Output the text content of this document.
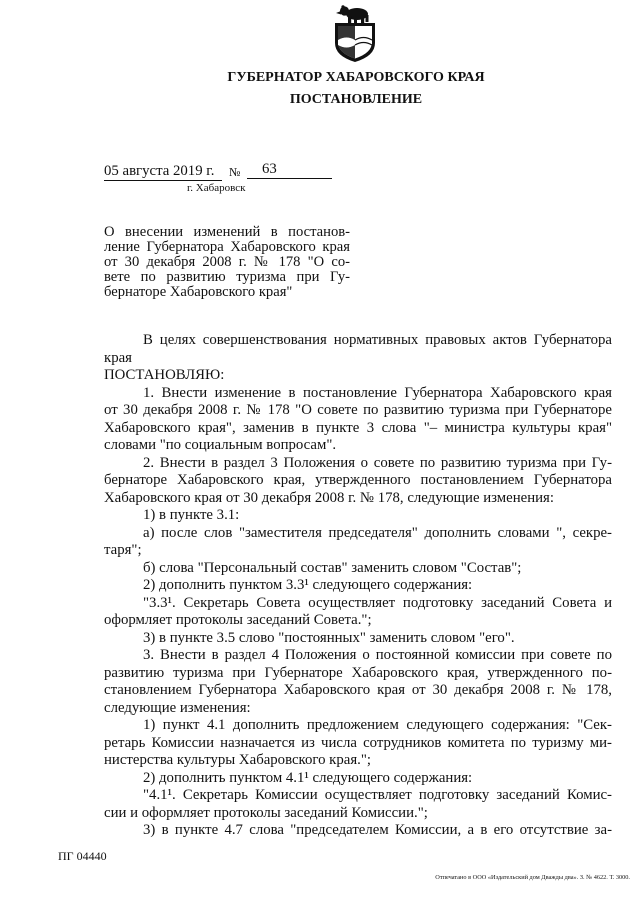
ГУБЕРНАТОР ХАБАРОВСКОГО КРАЯ
ПОСТАНОВЛЕНИЕ
05 августа 2019 г.	№	63
г. Хабаровск
О внесении изменений в постанов-
ление Губернатора Хабаровского края
от 30 декабря 2008 г. № 178 "О со-
вете по развитию туризма при Гу-
бернаторе Хабаровского края"
В целях совершенствования нормативных правовых актов Губернатора
края
ПОСТАНОВЛЯЮ:
1. Внести изменение в постановление Губернатора Хабаровского края
от 30 декабря 2008 г. № 178 "О совете по развитию туризма при Губернаторе
Хабаровского края", заменив в пункте 3 слова "– министра культуры края"
словами "по социальным вопросам".
2. Внести в раздел 3 Положения о совете по развитию туризма при Гу-
бернаторе Хабаровского края, утвержденного постановлением Губернатора
Хабаровского края от 30 декабря 2008 г. № 178, следующие изменения:
1) в пункте 3.1:
а) после слов "заместителя председателя" дополнить словами ", секре-
таря";
б) слова "Персональный состав" заменить словом "Состав";
2) дополнить пунктом 3.3¹ следующего содержания:
"3.3¹. Секретарь Совета осуществляет подготовку заседаний Совета и
оформляет протоколы заседаний Совета.";
3) в пункте 3.5 слово "постоянных" заменить словом "его".
3. Внести в раздел 4 Положения о постоянной комиссии при совете по
развитию туризма при Губернаторе Хабаровского края, утвержденного по-
становлением Губернатора Хабаровского края от 30 декабря 2008 г. № 178,
следующие изменения:
1) пункт 4.1 дополнить предложением следующего содержания: "Сек-
ретарь Комиссии назначается из числа сотрудников комитета по туризму ми-
нистерства культуры Хабаровского края.";
2) дополнить пунктом 4.1¹ следующего содержания:
"4.1¹. Секретарь Комиссии осуществляет подготовку заседаний Комис-
сии и оформляет протоколы заседаний Комиссии.";
3) в пункте 4.7 слова "председателем Комиссии, а в его отсутствие за-
ПГ 04440
Отпечатано в ООО «Издательский дом Дважды два». З. № 4622. Т. 3000.
